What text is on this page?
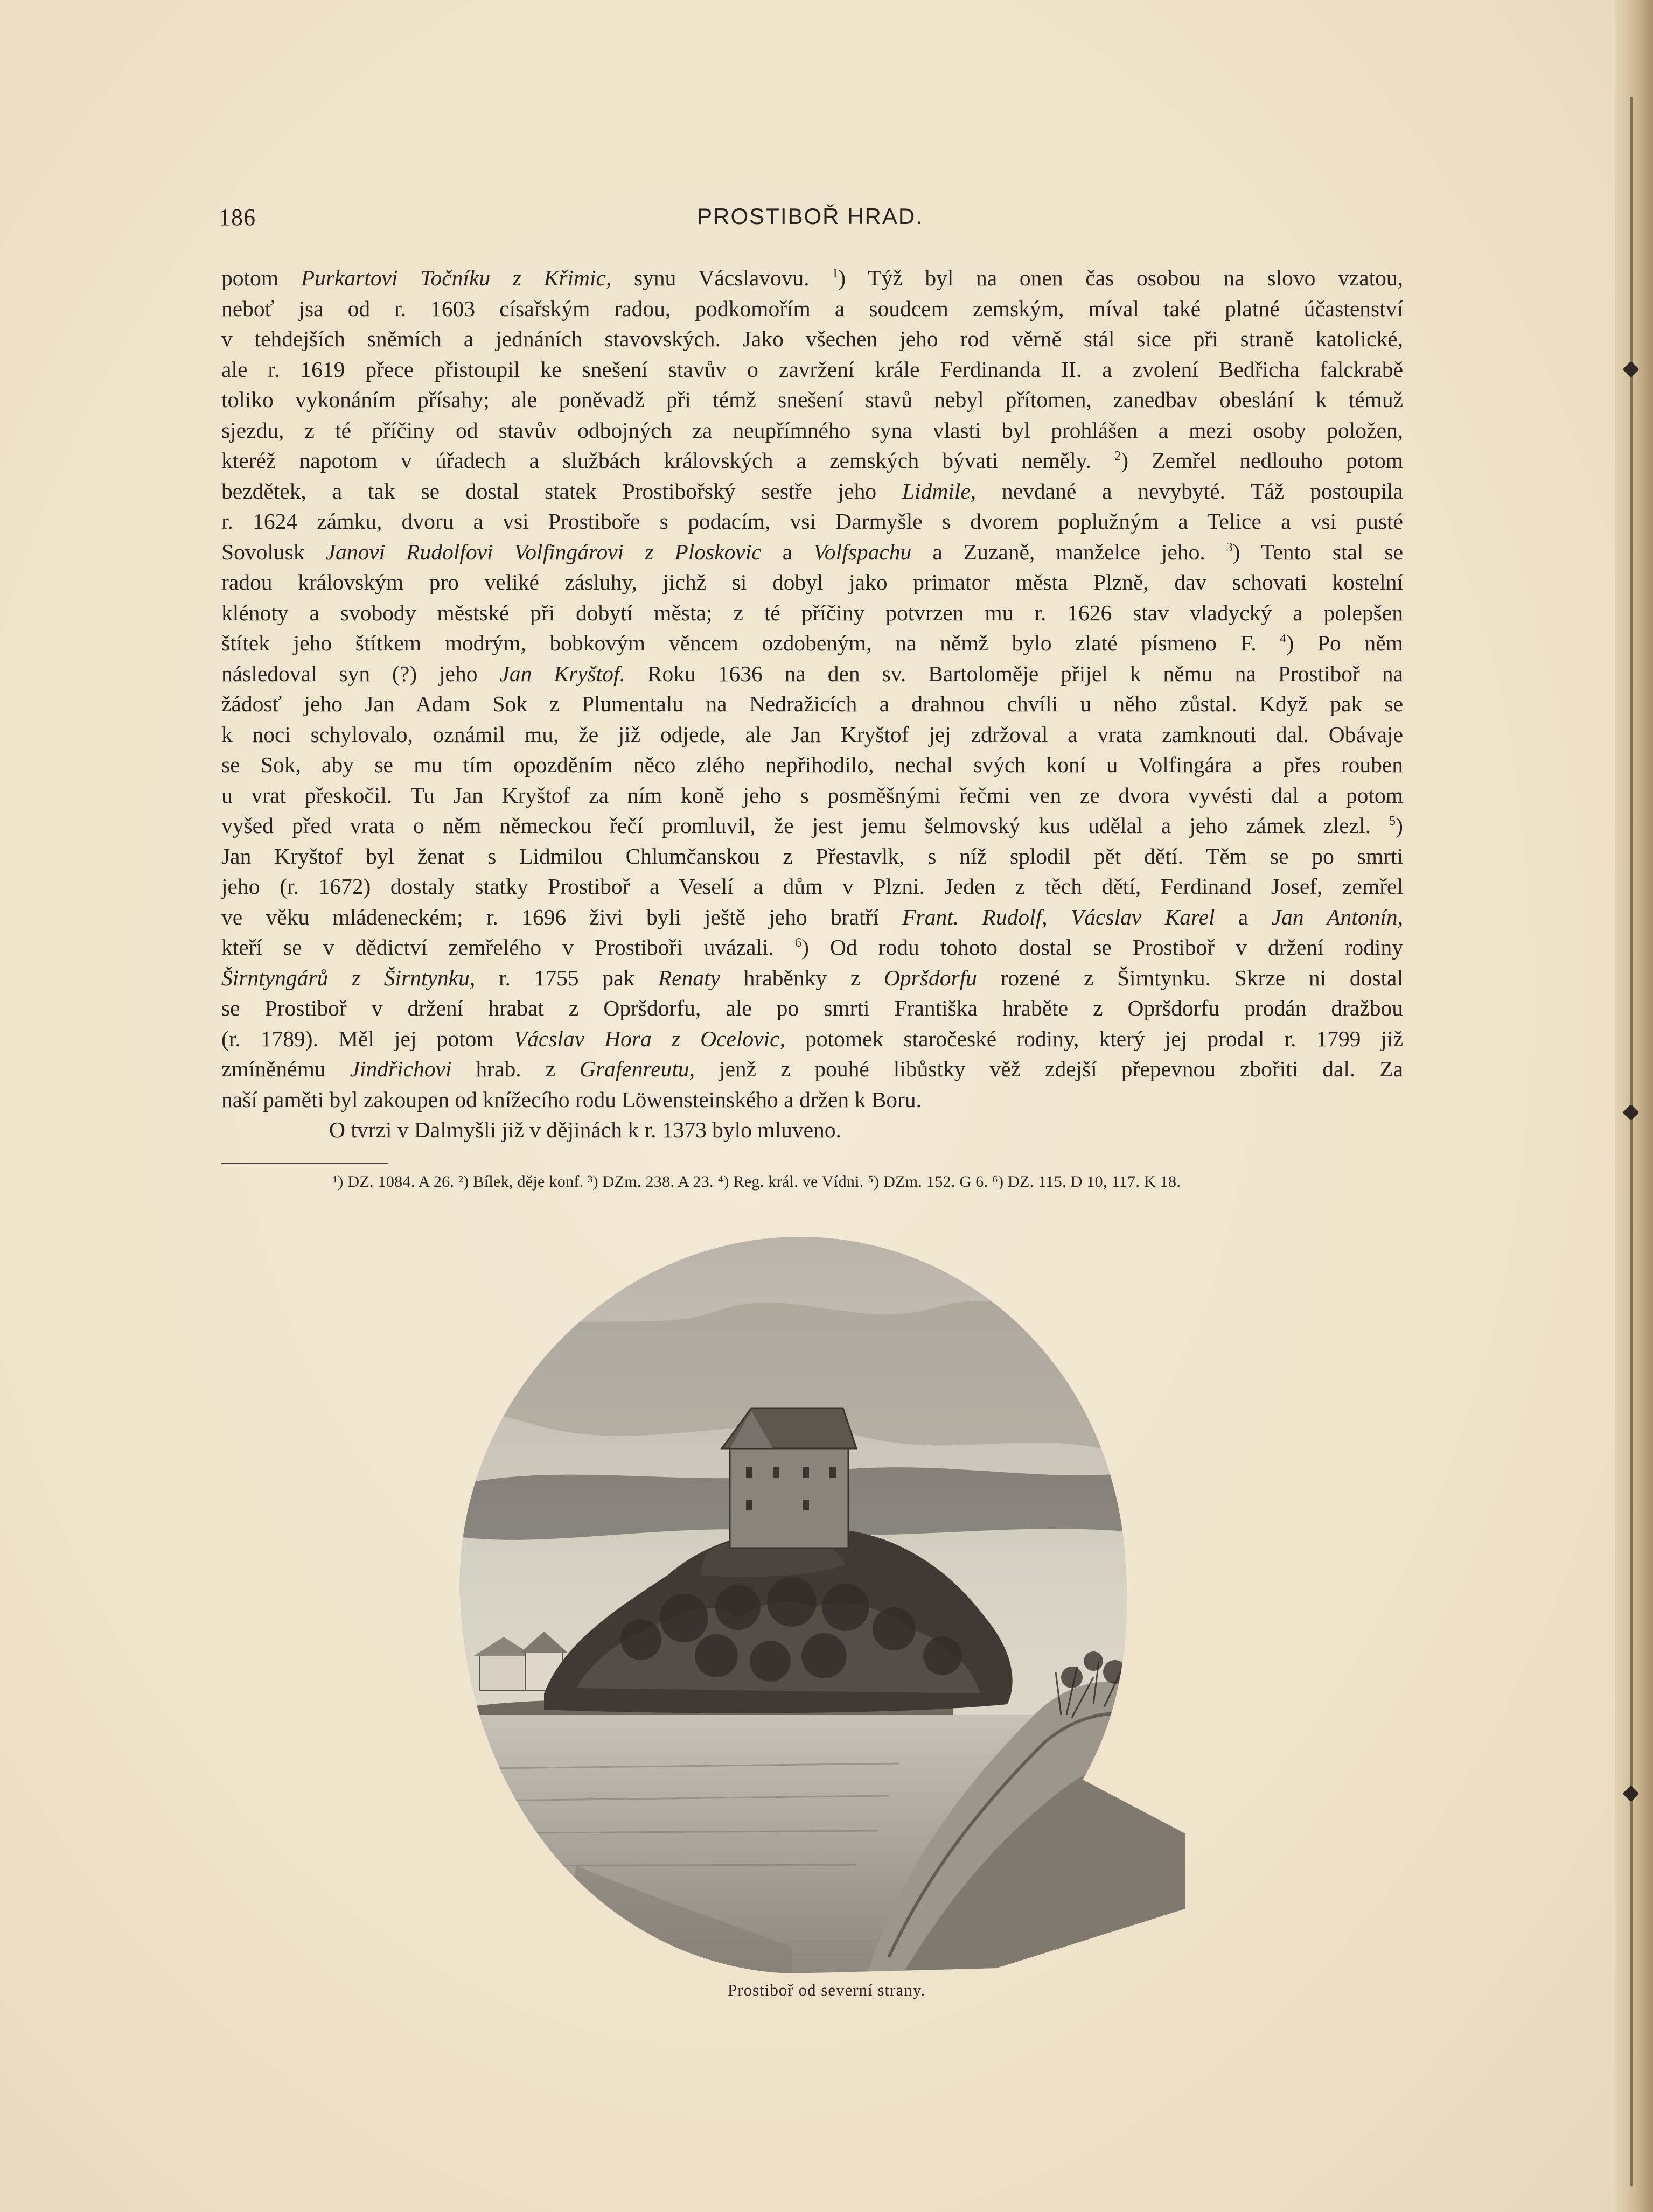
186	PROSTIBOŘ HRAD.
potom Purkartovi Točníku z Křimic, synu Vácslavovu. $^1$) Týž byl na onen čas osobou na slovo vzatou,
neboť jsa od r. 1603 císařským radou, podkomořím a soudcem zemským, míval také platné účastenství
v tehdejších sněmích a jednáních stavovských. Jako všechen jeho rod věrně stál sice při straně katolické,
ale r. 1619 přece přistoupil ke snešení stavův o zavržení krále Ferdinanda II. a zvolení Bedřicha falckrabě
toliko vykonáním přísahy; ale poněvadž při témž snešení stavů nebyl přítomen, zanedbav obeslání k témuž
sjezdu, z té příčiny od stavův odbojných za neupřímného syna vlasti byl prohlášen a mezi osoby položen,
kteréž napotom v úřadech a službách královských a zemských bývati neměly. $^2$) Zemřel nedlouho potom
bezdětek, a tak se dostal statek Prostibořský sestře jeho Lidmile, nevdané a nevybyté. Táž postoupila
r. 1624 zámku, dvoru a vsi Prostiboře s podacím, vsi Darmyšle s dvorem poplužným a Telice a vsi pusté
Sovolusk Janovi Rudolfovi Volfingárovi z Ploskovic a Volfspachu a Zuzaně, manželce jeho. $^3$) Tento stal se
radou královským pro veliké zásluhy, jichž si dobyl jako primator města Plzně, dav schovati kostelní
klénoty a svobody městské při dobytí města; z té příčiny potvrzen mu r. 1626 stav vladycký a polepšen
štítek jeho štítkem modrým, bobkovým věncem ozdobeným, na němž bylo zlaté písmeno F. $^4$) Po něm
následoval syn (?) jeho Jan Kryštof. Roku 1636 na den sv. Bartoloměje přijel k němu na Prostiboř na
žádosť jeho Jan Adam Sok z Plumentalu na Nedražicích a drahnou chvíli u něho zůstal. Když pak se
k noci schylovalo, oznámil mu, že již odjede, ale Jan Kryštof jej zdržoval a vrata zamknouti dal. Obávaje
se Sok, aby se mu tím opozděním něco zlého nepřihodilo, nechal svých koní u Volfingára a přes rouben
u vrat přeskočil. Tu Jan Kryštof za ním koně jeho s posměšnými řečmi ven ze dvora vyvésti dal a potom
vyšed před vrata o něm německou řečí promluvil, že jest jemu šelmovský kus udělal a jeho zámek zlezl. $^5$)
Jan Kryštof byl ženat s Lidmilou Chlumčanskou z Přestavlk, s níž splodil pět dětí. Těm se po smrti
jeho (r. 1672) dostaly statky Prostiboř a Veselí a dům v Plzni. Jeden z těch dětí, Ferdinand Josef, zemřel
ve věku mládeneckém; r. 1696 živi byli ještě jeho bratří Frant. Rudolf, Vácslav Karel a Jan Antonín,
kteří se v dědictví zemřelého v Prostiboři uvázali. $^6$) Od rodu tohoto dostal se Prostiboř v držení rodiny
Širntyngárů z Širntynku, r. 1755 pak Renaty hraběnky z Opršdorfu rozené z Širntynku. Skrze ni dostal
se Prostiboř v držení hrabat z Opršdorfu, ale po smrti Františka hraběte z Opršdorfu prodán dražbou
(r. 1789). Měl jej potom Vácslav Hora z Ocelovic, potomek staročeské rodiny, který jej prodal r. 1799 již
zmíněnému Jindřichovi hrab. z Grafenreutu, jenž z pouhé libůstky věž zdejší přepevnou zbořiti dal. Za
naší paměti byl zakoupen od knížecího rodu Löwensteinského a držen k Boru.
O tvrzi v Dalmyšli již v dějinách k r. 1373 bylo mluveno.
¹) DZ. 1084. A 26. ²) Bílek, děje konf. ³) DZm. 238. A 23. ⁴) Reg. král. ve Vídni. ⁵) DZm. 152. G 6. ⁶) DZ. 115. D 10, 117. K 18.
Prostiboř od severní strany.
